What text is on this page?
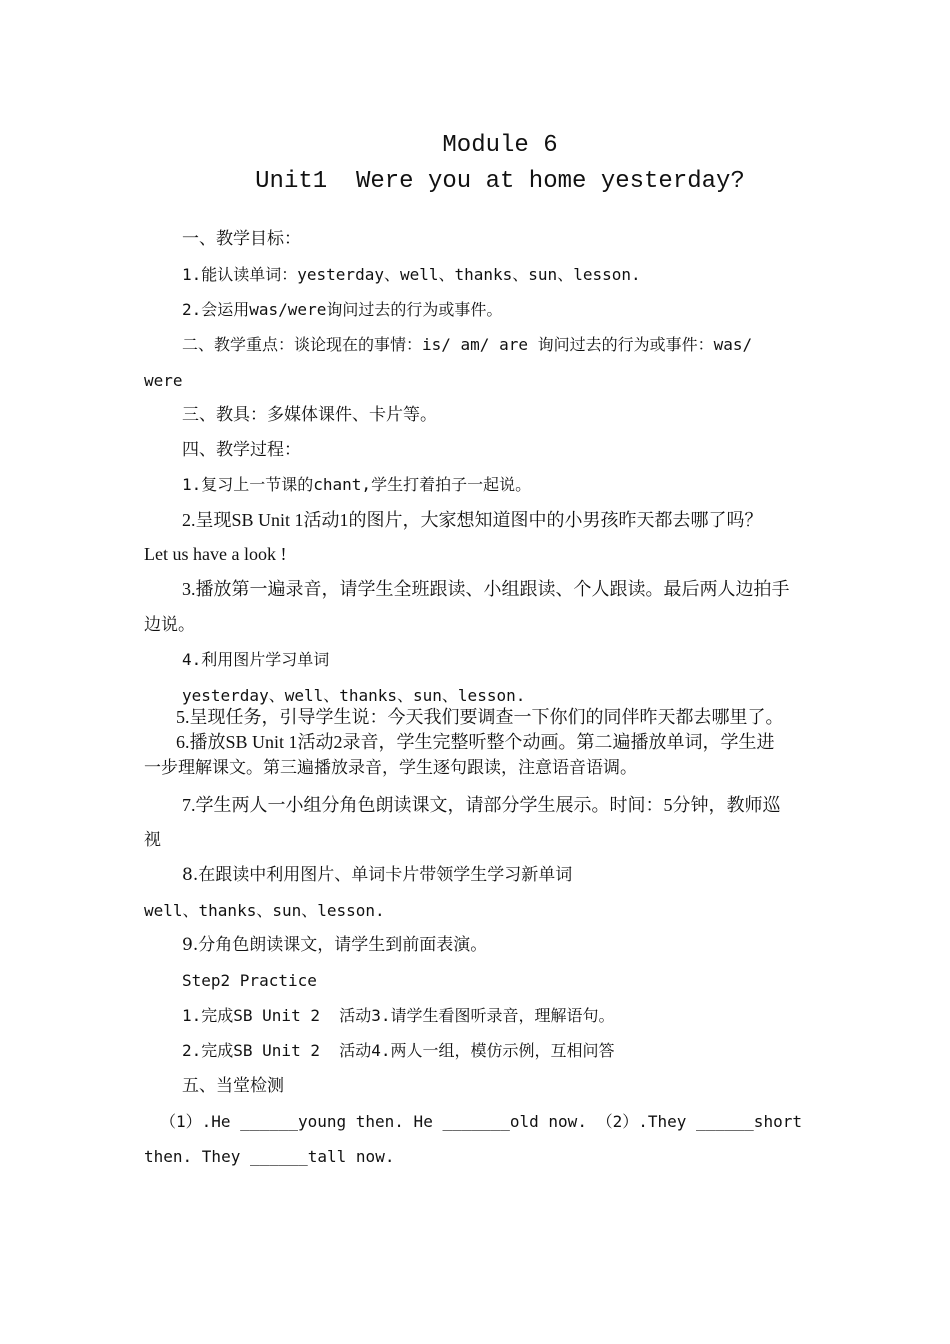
Module 6
Unit1  Were you at home yesterday?
一、教学目标：
1.能认读单词：yesterday、well、thanks、sun、lesson.
2.会运用was/were询问过去的行为或事件。
二、教学重点：谈论现在的事情：is/ am/ are 询问过去的行为或事件：was/
were
三、教具：多媒体课件、卡片等。
四、教学过程：
1.复习上一节课的chant,学生打着拍子一起说。
2.呈现SB Unit 1活动1的图片，大家想知道图中的小男孩昨天都去哪了吗？
Let us have a look !
3.播放第一遍录音，请学生全班跟读、小组跟读、个人跟读。最后两人边拍手
边说。
4.利用图片学习单词
yesterday、well、thanks、sun、lesson.
5.呈现任务，引导学生说：今天我们要调查一下你们的同伴昨天都去哪里了。
6.播放SB Unit 1活动2录音，学生完整听整个动画。第二遍播放单词，学生进
一步理解课文。第三遍播放录音，学生逐句跟读，注意语音语调。
7.学生两人一小组分角色朗读课文，请部分学生展示。时间：5分钟，教师巡
视
8.在跟读中利用图片、单词卡片带领学生学习新单词
well、thanks、sun、lesson.
9.分角色朗读课文，请学生到前面表演。
Step2 Practice
1.完成SB Unit 2  活动3.请学生看图听录音，理解语句。
2.完成SB Unit 2  活动4.两人一组，模仿示例，互相问答
五、当堂检测
（1）.He ______young then. He _______old now. （2）.They ______short
then. They ______tall now.
